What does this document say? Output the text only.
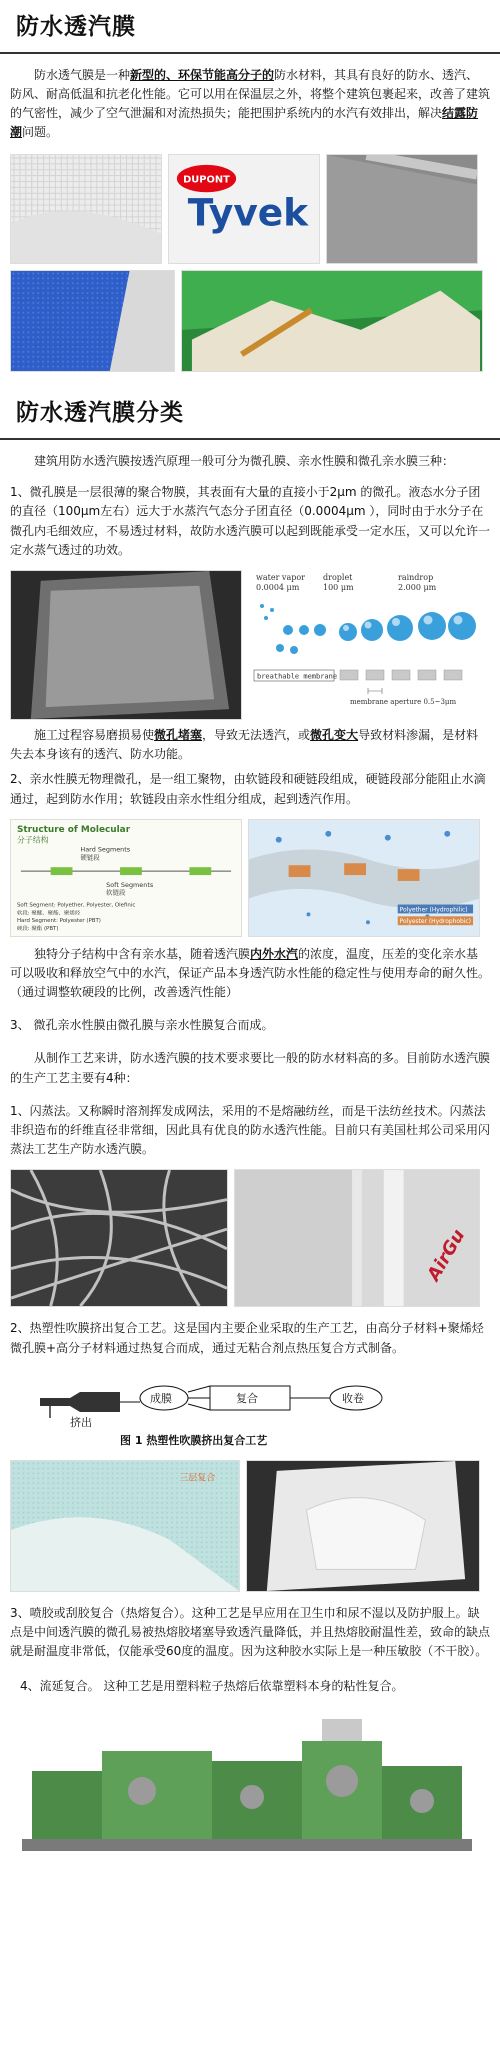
防水透汽膜

防水透气膜是一种新型的、环保节能高分子的防水材料，其具有良好的防水、透汽、防风、耐高低温和抗老化性能。它可以用在保温层之外，将整个建筑包裹起来，改善了建筑的气密性，减少了空气泄漏和对流热损失；能把围护系统内的水汽有效排出，解决结露防潮问题。

DUPONT
Tyvek
防水透汽膜分类

建筑用防水透汽膜按透汽原理一般可分为微孔膜、亲水性膜和微孔亲水膜三种：

1、微孔膜是一层很薄的聚合物膜，其表面有大量的直接小于2μm 的微孔。液态水分子团的直径（100μm左右）远大于水蒸汽气态分子团直径（0.0004μm ），同时由于水分子在微孔内毛细效应，不易透过材料，故防水透汽膜可以起到既能承受一定水压，又可以允许一定水蒸气透过的功效。

water vapor
0.0004 μm
droplet
100 μm
raindrop
2.000 μm
breathable membrane
membrane aperture 0.5~3μm

施工过程容易磨损易使微孔堵塞，导致无法透汽，或微孔变大导致材料渗漏，是材料失去本身该有的透汽、防水功能。

2、亲水性膜无物理微孔，是一组工聚物，由软链段和硬链段组成，硬链段部分能阻止水滴通过，起到防水作用；软链段由亲水性组分组成，起到透汽作用。

Structure of Molecular
分子结构
Hard Segments
硬链段
Soft Segments
软链段
Soft Segment: Polyether, Polyester, Olefinic
软段: 聚醚、聚酯、聚烯烃
Hard Segment: Polyester (PBT)
硬段: 聚酯 (PBT)
Polyether (Hydrophilic)
Polyester (Hydrophobic)

独特分子结构中含有亲水基，随着透汽膜内外水汽的浓度，温度，压差的变化亲水基可以吸收和释放空气中的水汽，保证产品本身透汽防水性能的稳定性与使用寿命的耐久性。（通过调整软硬段的比例，改善透汽性能）

3、 微孔亲水性膜由微孔膜与亲水性膜复合而成。

从制作工艺来讲，防水透汽膜的技术要求要比一般的防水材料高的多。目前防水透汽膜的生产工艺主要有4种：

1、闪蒸法。又称瞬时溶剂挥发成网法，采用的不是熔融纺丝，而是干法纺丝技术。闪蒸法非织造布的纤维直径非常细，因此具有优良的防水透汽性能。目前只有美国杜邦公司采用闪蒸法工艺生产防水透汽膜。

AirGu

2、热塑性吹膜挤出复合工艺。这是国内主要企业采取的生产工艺，由高分子材料+聚烯烃微孔膜+高分子材料通过热复合而成，通过无粘合剂点热压复合方式制备。

挤出
成膜	复合	收卷
图 1 热塑性吹膜挤出复合工艺
三层复合

3、喷胶或刮胶复合（热熔复合）。这种工艺是早应用在卫生巾和尿不湿以及防护服上。缺点是中间透汽膜的微孔易被热熔胶堵塞导致透汽量降低，并且热熔胶耐温性差，致命的缺点就是耐温度非常低，仅能承受60度的温度。因为这种胶水实际上是一种压敏胶（不干胶）。

4、流延复合。 这种工艺是用塑料粒子热熔后依靠塑料本身的粘性复合。
